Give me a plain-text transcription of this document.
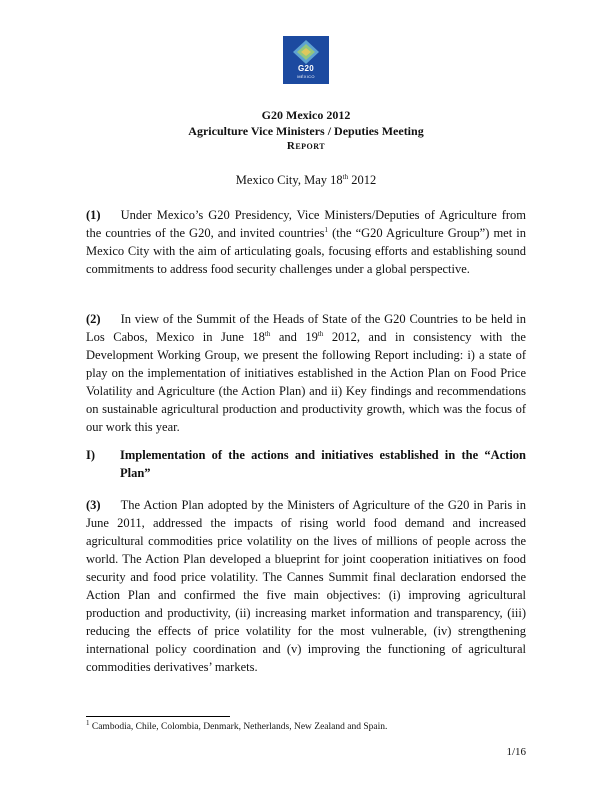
G20
MÉXICO
G20 Mexico 2012
Agriculture Vice Ministers / Deputies Meeting
Report
Mexico City, May 18th 2012
(1) Under Mexico’s G20 Presidency, Vice Ministers/Deputies of Agriculture from the countries of the G20, and invited countries$^1$ (the “G20 Agriculture Group”) met in Mexico City with the aim of articulating goals, focusing efforts and establishing sound commitments to address food security challenges under a global perspective.
(2) In view of the Summit of the Heads of State of the G20 Countries to be held in Los Cabos, Mexico in June 18th and 19th 2012, and in consistency with the Development Working Group, we present the following Report including: i) a state of play on the implementation of initiatives established in the Action Plan on Food Price Volatility and Agriculture (the Action Plan) and ii) Key findings and recommendations on sustainable agricultural production and productivity growth, which was the focus of our work this year.
I) Implementation of the actions and initiatives established in the “Action Plan”
(3) The Action Plan adopted by the Ministers of Agriculture of the G20 in Paris in June 2011, addressed the impacts of rising world food demand and increased agricultural commodities price volatility on the lives of millions of people across the world. The Action Plan developed a blueprint for joint cooperation initiatives on food security and food price volatility. The Cannes Summit final declaration endorsed the Action Plan and confirmed the five main objectives: (i) improving agricultural production and productivity, (ii) increasing market information and transparency, (iii) reducing the effects of price volatility for the most vulnerable, (iv) strengthening international policy coordination and (v) improving the functioning of agricultural commodities derivatives’ markets.
$^1$ Cambodia, Chile, Colombia, Denmark, Netherlands, New Zealand and Spain.
1/16
